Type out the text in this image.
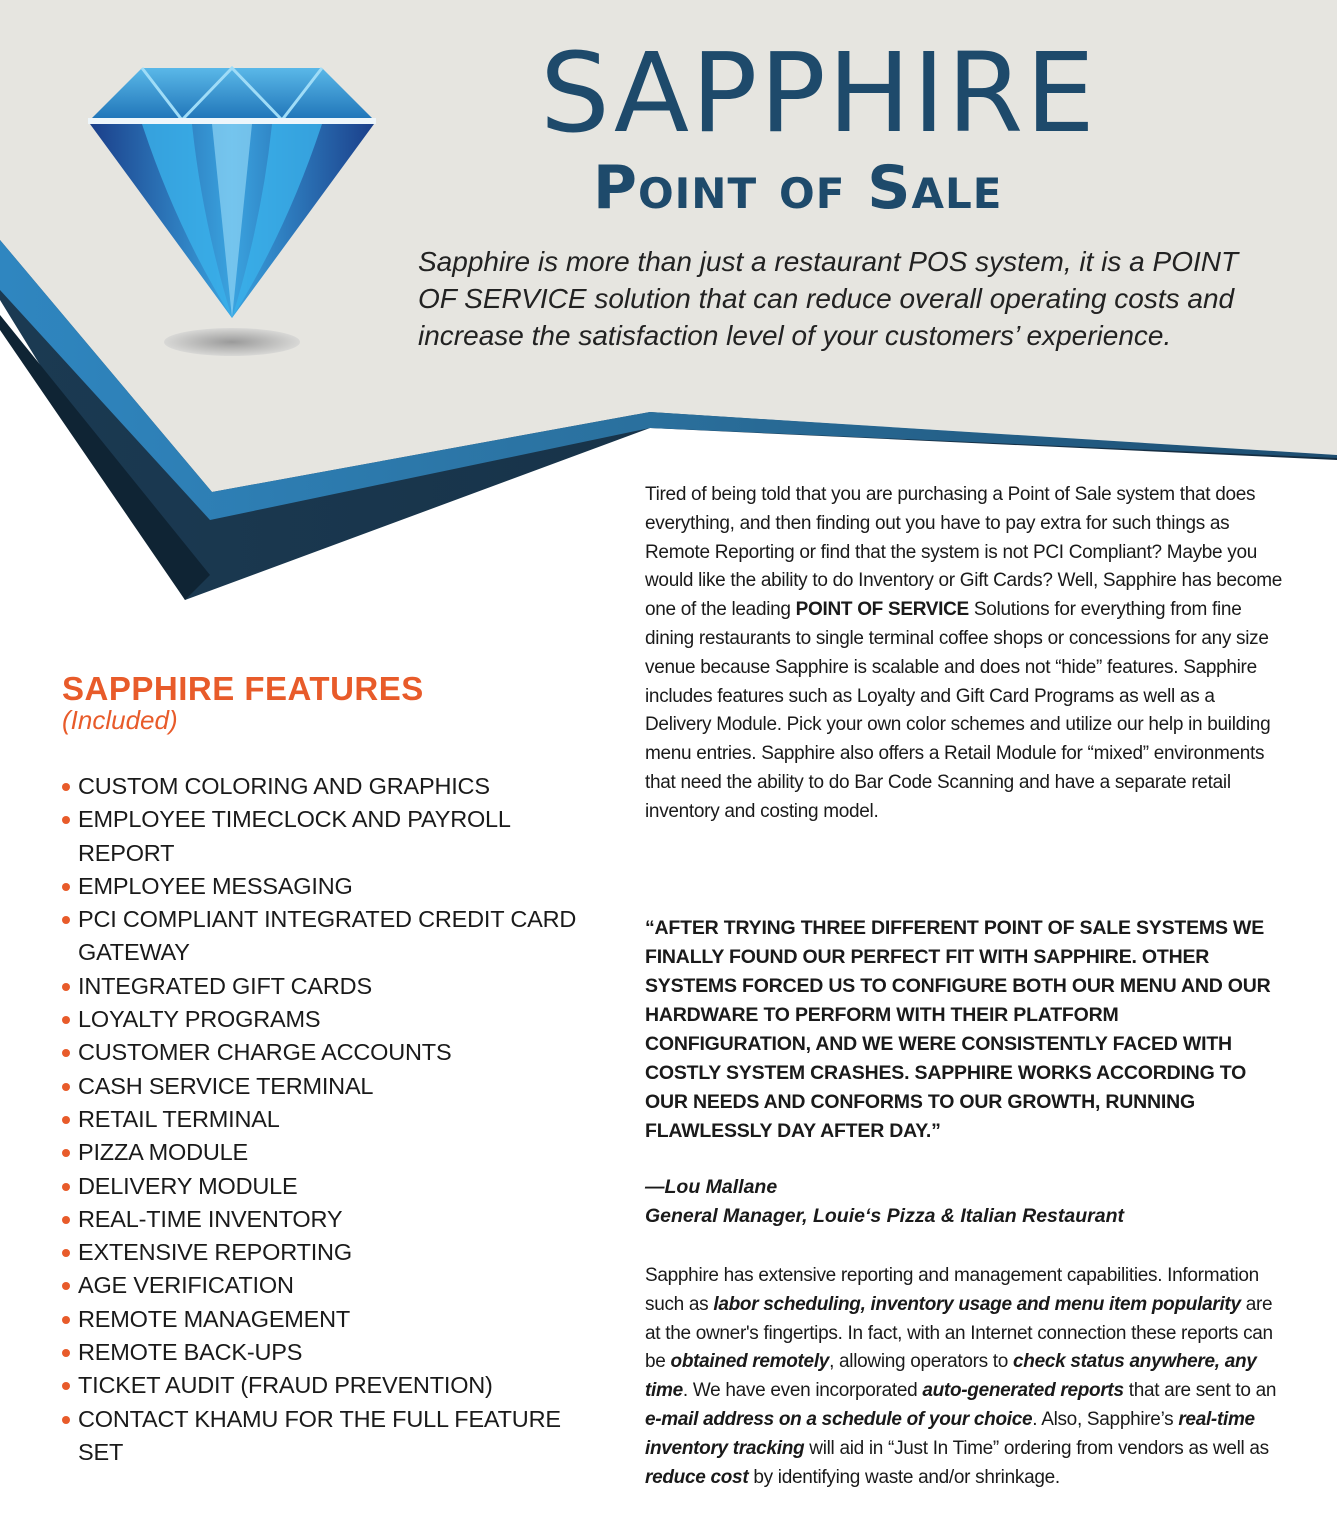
SAPPHIRE
Point of Sale

Sapphire is more than just a restaurant POS system, it is a POINT OF SERVICE solution that can reduce overall operating costs and increase the satisfaction level of your customers’ experience.

SAPPHIRE FEATURES
(Included)
CUSTOM COLORING AND GRAPHICS
EMPLOYEE TIMECLOCK AND PAYROLL REPORT
EMPLOYEE MESSAGING
PCI COMPLIANT INTEGRATED CREDIT CARD GATEWAY
INTEGRATED GIFT CARDS
LOYALTY PROGRAMS
CUSTOMER CHARGE ACCOUNTS
CASH SERVICE TERMINAL
RETAIL TERMINAL
PIZZA MODULE
DELIVERY MODULE
REAL-TIME INVENTORY
EXTENSIVE REPORTING
AGE VERIFICATION
REMOTE MANAGEMENT
REMOTE BACK-UPS
TICKET AUDIT (FRAUD PREVENTION)
CONTACT KHAMU FOR THE FULL FEATURE SET

Tired of being told that you are purchasing a Point of Sale system that does everything, and then finding out you have to pay extra for such things as Remote Reporting or find that the system is not PCI Compliant? Maybe you would like the ability to do Inventory or Gift Cards? Well, Sapphire has become one of the leading POINT OF SERVICE Solutions for everything from fine dining restaurants to single terminal coffee shops or concessions for any size venue because Sapphire is scalable and does not “hide” features. Sapphire includes features such as Loyalty and Gift Card Programs as well as a Delivery Module. Pick your own color schemes and utilize our help in building menu entries. Sapphire also offers a Retail Module for “mixed” environments that need the ability to do Bar Code Scanning and have a separate retail inventory and costing model.

“AFTER TRYING THREE DIFFERENT POINT OF SALE SYSTEMS WE FINALLY FOUND OUR PERFECT FIT WITH SAPPHIRE. OTHER SYSTEMS FORCED US TO CONFIGURE BOTH OUR MENU AND OUR HARDWARE TO PERFORM WITH THEIR PLATFORM CONFIGURATION, AND WE WERE CONSISTENTLY FACED WITH COSTLY SYSTEM CRASHES. SAPPHIRE WORKS ACCORDING TO OUR NEEDS AND CONFORMS TO OUR GROWTH, RUNNING FLAWLESSLY DAY AFTER DAY.”

—Lou Mallane
General Manager, Louie‘s Pizza & Italian Restaurant

Sapphire has extensive reporting and management capabilities. Information such as labor scheduling, inventory usage and menu item popularity are at the owner's fingertips. In fact, with an Internet connection these reports can be obtained remotely, allowing operators to check status anywhere, any time. We have even incorporated auto-generated reports that are sent to an e-mail address on a schedule of your choice. Also, Sapphire’s real-time inventory tracking will aid in “Just In Time” ordering from vendors as well as reduce cost by identifying waste and/or shrinkage.
